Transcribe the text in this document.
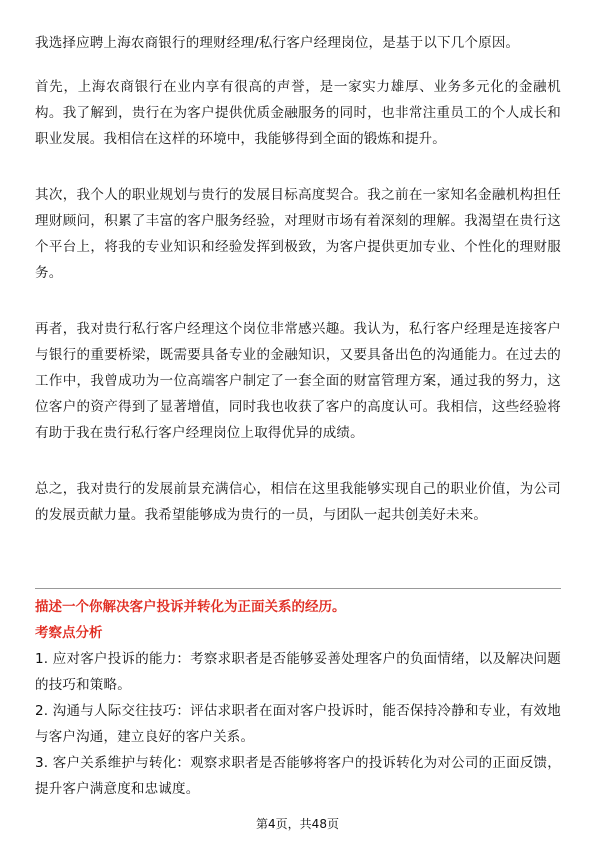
我选择应聘上海农商银行的理财经理/私行客户经理岗位，是基于以下几个原因。

首先，上海农商银行在业内享有很高的声誉，是一家实力雄厚、业务多元化的金融机构。我了解到，贵行在为客户提供优质金融服务的同时，也非常注重员工的个人成长和职业发展。我相信在这样的环境中，我能够得到全面的锻炼和提升。

其次，我个人的职业规划与贵行的发展目标高度契合。我之前在一家知名金融机构担任理财顾问，积累了丰富的客户服务经验，对理财市场有着深刻的理解。我渴望在贵行这个平台上，将我的专业知识和经验发挥到极致，为客户提供更加专业、个性化的理财服务。

再者，我对贵行私行客户经理这个岗位非常感兴趣。我认为，私行客户经理是连接客户与银行的重要桥梁，既需要具备专业的金融知识，又要具备出色的沟通能力。在过去的工作中，我曾成功为一位高端客户制定了一套全面的财富管理方案，通过我的努力，这位客户的资产得到了显著增值，同时我也收获了客户的高度认可。我相信，这些经验将有助于我在贵行私行客户经理岗位上取得优异的成绩。

总之，我对贵行的发展前景充满信心，相信在这里我能够实现自己的职业价值，为公司的发展贡献力量。我希望能够成为贵行的一员，与团队一起共创美好未来。

描述一个你解决客户投诉并转化为正面关系的经历。

考察点分析

1. 应对客户投诉的能力：考察求职者是否能够妥善处理客户的负面情绪，以及解决问题的技巧和策略。

2. 沟通与人际交往技巧：评估求职者在面对客户投诉时，能否保持冷静和专业，有效地与客户沟通，建立良好的客户关系。

3. 客户关系维护与转化：观察求职者是否能够将客户的投诉转化为对公司的正面反馈，提升客户满意度和忠诚度。

第4页，共48页
